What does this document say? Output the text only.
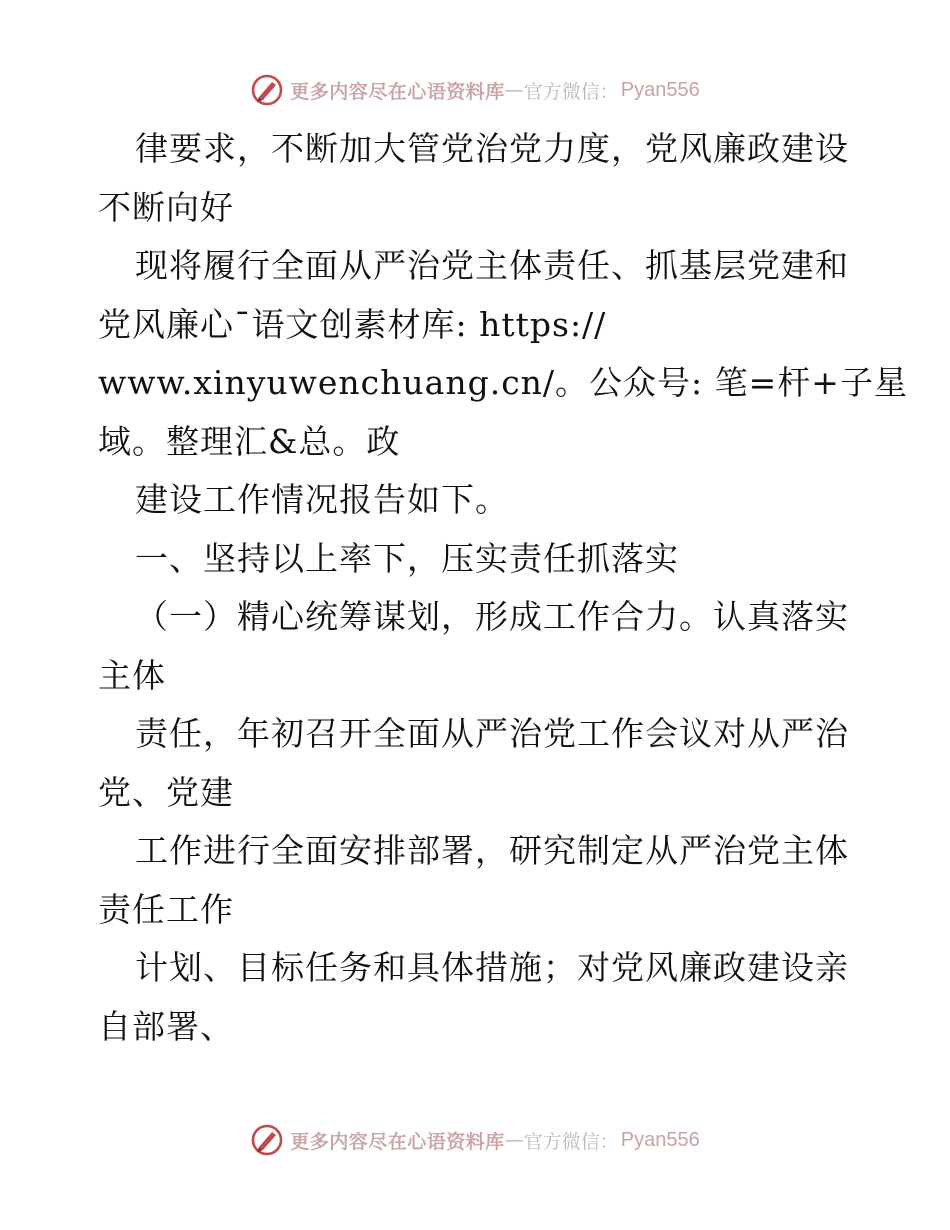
更多内容尽在心语资料库 — 官方微信： Pyan556
律要求，不断加大管党治党力度，党风廉政建设
不断向好
现将履行全面从严治党主体责任、抓基层党建和
党风廉心¯语文创素材库: https://
www.xinyuwenchuang.cn/。公众号: 笔=杆+子星
域。整理汇&总。政
建设工作情况报告如下。
一、坚持以上率下，压实责任抓落实
（一）精心统筹谋划，形成工作合力。认真落实
主体
责任，年初召开全面从严治党工作会议对从严治
党、党建
工作进行全面安排部署，研究制定从严治党主体
责任工作
计划、目标任务和具体措施；对党风廉政建设亲
自部署、
更多内容尽在心语资料库 — 官方微信： Pyan556
